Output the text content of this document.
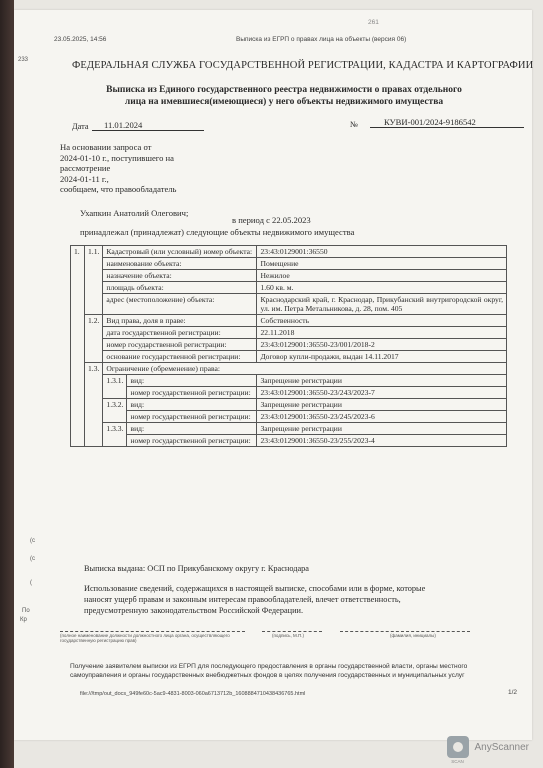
23.05.2025, 14:56	Выписка из ЕГРП о правах лица на объекты (версия 06)
261
233	ФЕДЕРАЛЬНАЯ СЛУЖБА ГОСУДАРСТВЕННОЙ РЕГИСТРАЦИИ, КАДАСТРА И КАРТОГРАФИИ
Выписка из Единого государственного реестра недвижимости о правах отдельного
лица на имевшиеся(имеющиеся) у него объекты недвижимого имущества
Дата	11.01.2024	№	КУВИ-001/2024-9186542
На основании запроса от
2024-01-10 г., поступившего на
рассмотрение
2024-01-11 г.,
сообщаем, что правообладатель
Ухапкин Анатолий Олегович;
в период с 22.05.2023
принадлежал (принадлежат) следующие объекты недвижимого имущества
1.	1.1.	Кадастровый (или условный) номер объекта:		23:43:0129001:36550
		наименование объекта:		Помещение
		назначение объекта:		Нежилое
		площадь объекта:		1.60 кв. м.
		адрес (местоположение) объекта:		Краснодарский край, г. Краснодар, Прикубанский внутригородской округ, ул. им. Петра Метальникова, д. 28, пом. 405
	1.2.	Вид права, доля в праве:		Собственность
		дата государственной регистрации:		22.11.2018
		номер государственной регистрации:		23:43:0129001:36550-23/001/2018-2
		основание государственной регистрации:		Договор купли-продажи, выдан 14.11.2017
	1.3.	Ограничение (обременение) права:		
		1.3.1.	вид:	Запрещение регистрации
			номер государственной регистрации:	23:43:0129001:36550-23/243/2023-7
		1.3.2.	вид:	Запрещение регистрации
			номер государственной регистрации:	23:43:0129001:36550-23/245/2023-6
		1.3.3.	вид:	Запрещение регистрации
			номер государственной регистрации:	23:43:0129001:36550-23/255/2023-4
Выписка выдана: ОСП по Прикубанскому округу г. Краснодара
Использование сведений, содержащихся в настоящей выписке, способами или в форме, которые наносят ущерб правам и законным интересам правообладателей, влечет ответственность, предусмотренную законодательством Российской Федерации.
(полное наименование должности должностного лица органа, осуществляющего государственную регистрацию прав)
(подпись, М.П.)	(фамилия, инициалы)
Получение заявителем выписки из ЕГРП для последующего предоставления в органы государственной власти, органы местного самоуправления и органы государственных внебюджетных фондов в целях получения государственных и муниципальных услуг
file:///tmp/out_docs_949fe60c-5ac9-4831-8003-060a6713712b_1608884710438436765.html	1/2
(с
(с
По
Кр
(
SCAN
AnyScanner
